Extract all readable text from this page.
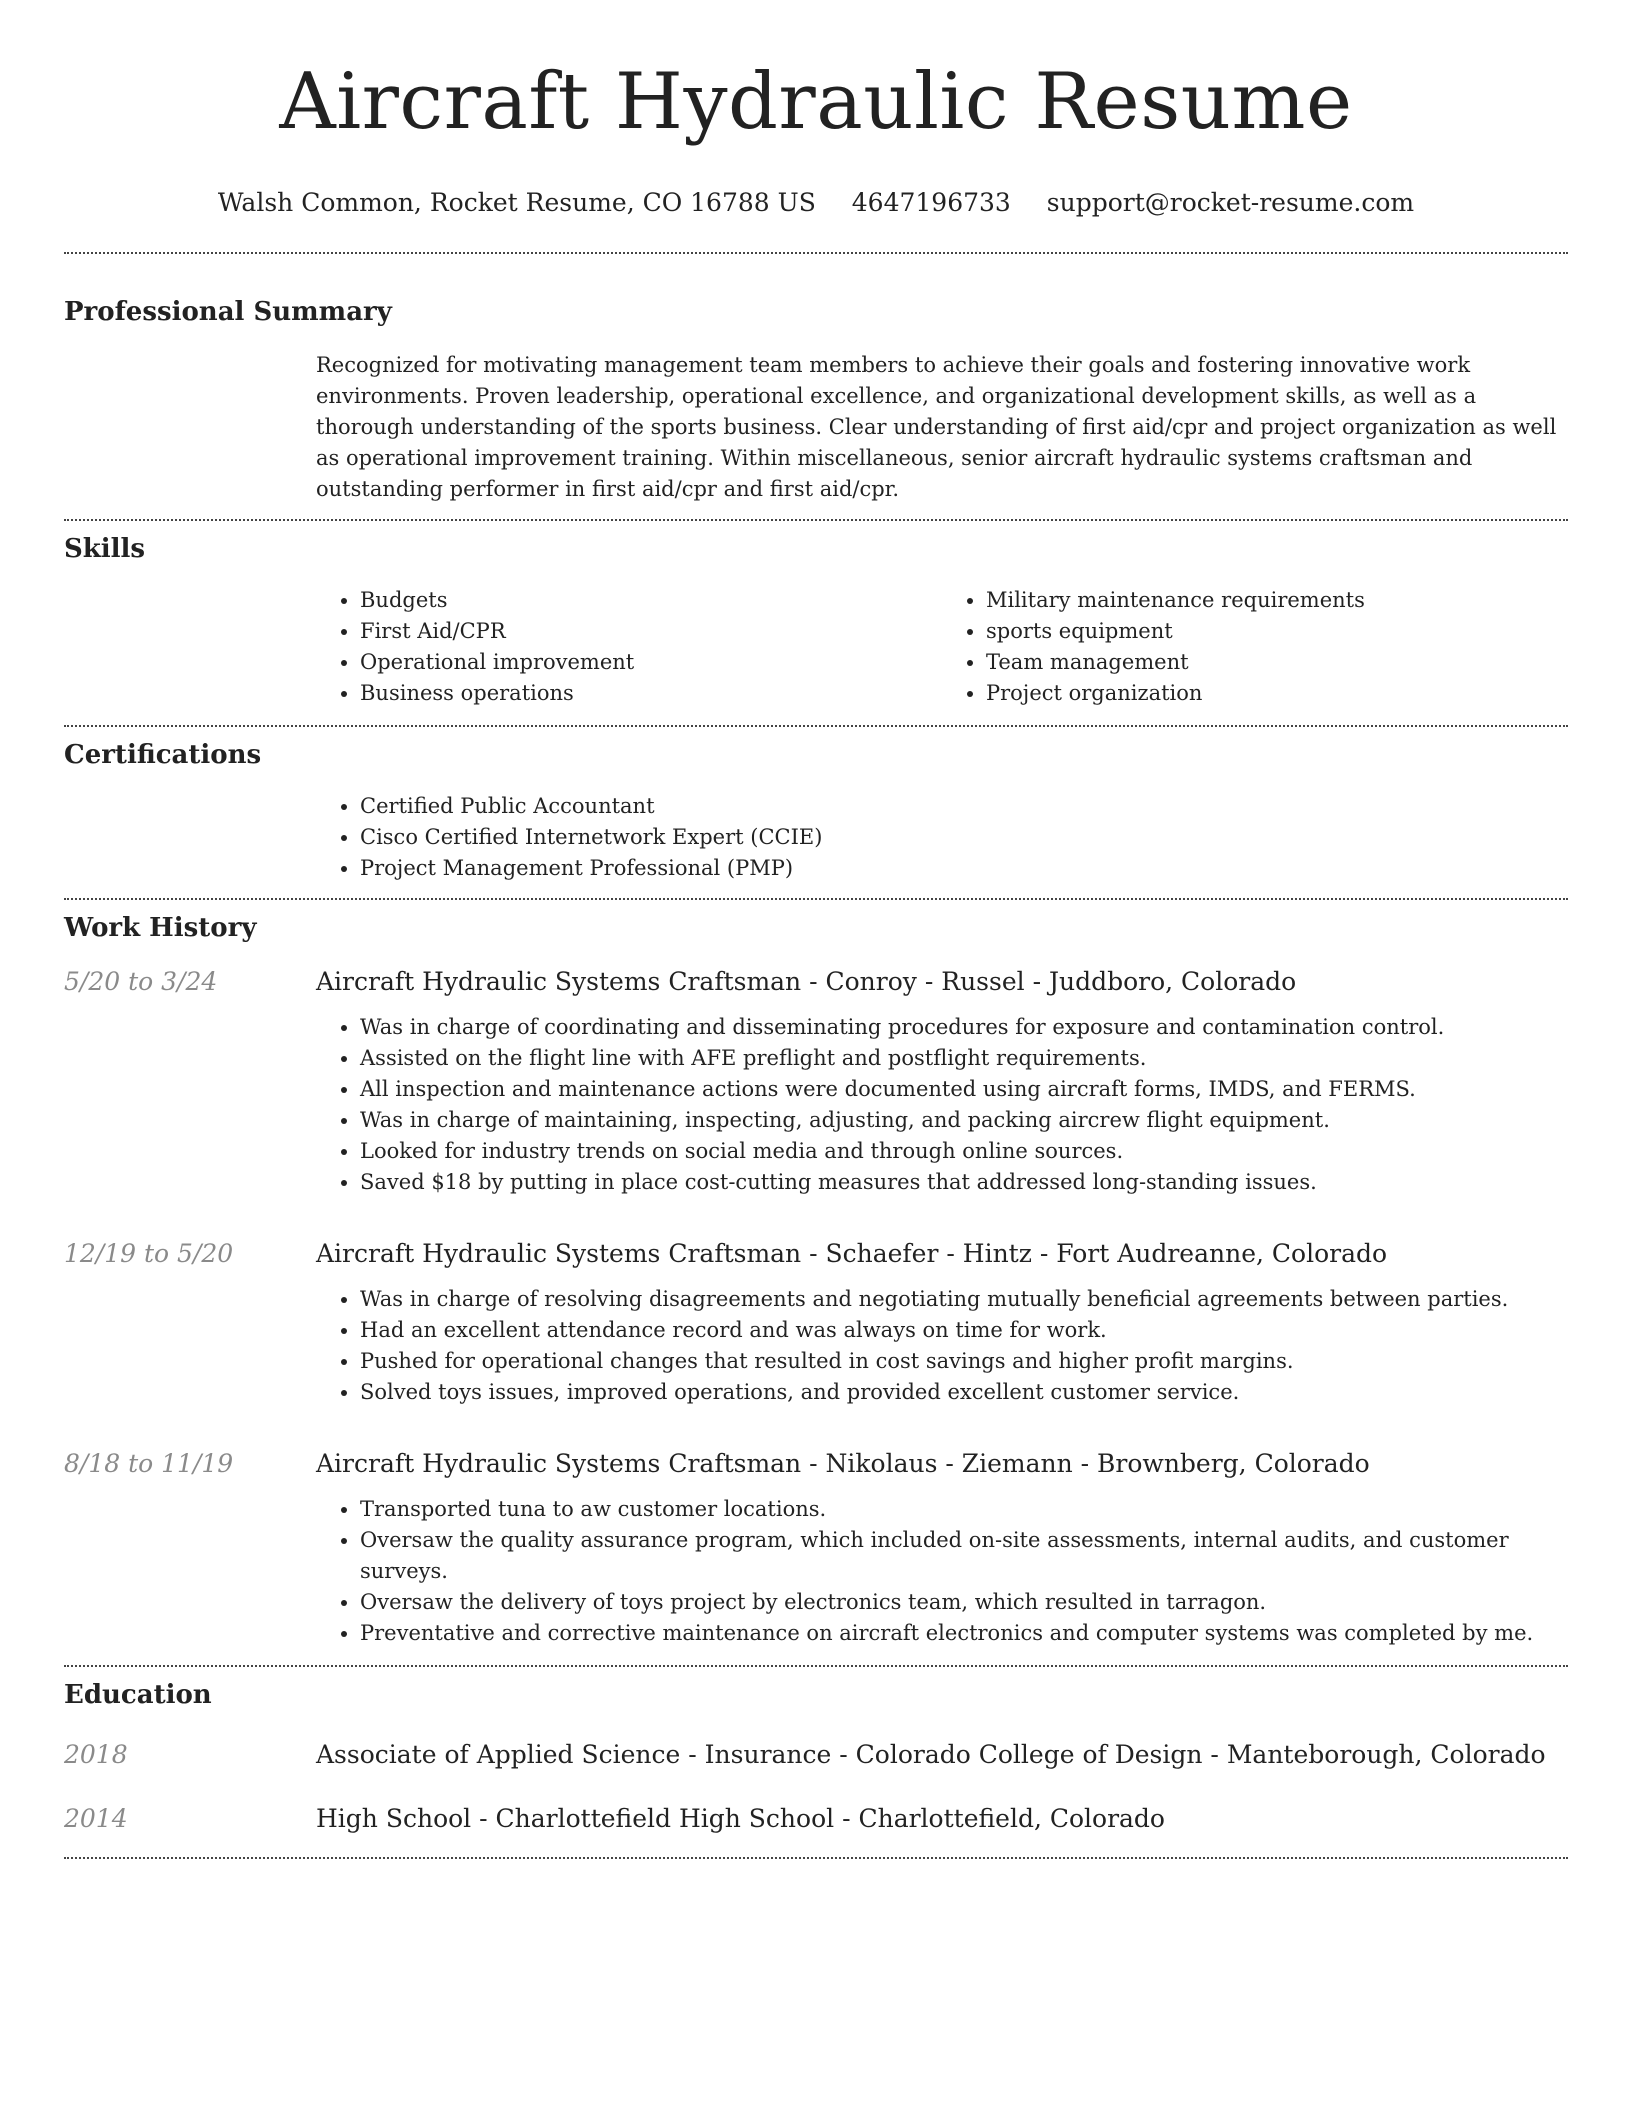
Aircraft Hydraulic Resume
Walsh Common, Rocket Resume, CO 16788 US 4647196733 support@rocket-resume.com
Professional Summary
Recognized for motivating management team members to achieve their goals and fostering innovative work environments. Proven leadership, operational excellence, and organizational development skills, as well as a thorough understanding of the sports business. Clear understanding of first aid/cpr and project organization as well as operational improvement training. Within miscellaneous, senior aircraft hydraulic systems craftsman and outstanding performer in first aid/cpr and first aid/cpr.
Skills
• Budgets
• First Aid/CPR
• Operational improvement
• Business operations
• Military maintenance requirements
• sports equipment
• Team management
• Project organization
Certifications
• Certified Public Accountant
• Cisco Certified Internetwork Expert (CCIE)
• Project Management Professional (PMP)
Work History
5/20 to 3/24	Aircraft Hydraulic Systems Craftsman - Conroy - Russel - Juddboro, Colorado
• Was in charge of coordinating and disseminating procedures for exposure and contamination control.
• Assisted on the flight line with AFE preflight and postflight requirements.
• All inspection and maintenance actions were documented using aircraft forms, IMDS, and FERMS.
• Was in charge of maintaining, inspecting, adjusting, and packing aircrew flight equipment.
• Looked for industry trends on social media and through online sources.
• Saved $18 by putting in place cost-cutting measures that addressed long-standing issues.
12/19 to 5/20	Aircraft Hydraulic Systems Craftsman - Schaefer - Hintz - Fort Audreanne, Colorado
• Was in charge of resolving disagreements and negotiating mutually beneficial agreements between parties.
• Had an excellent attendance record and was always on time for work.
• Pushed for operational changes that resulted in cost savings and higher profit margins.
• Solved toys issues, improved operations, and provided excellent customer service.
8/18 to 11/19	Aircraft Hydraulic Systems Craftsman - Nikolaus - Ziemann - Brownberg, Colorado
• Transported tuna to aw customer locations.
• Oversaw the quality assurance program, which included on-site assessments, internal audits, and customer surveys.
• Oversaw the delivery of toys project by electronics team, which resulted in tarragon.
• Preventative and corrective maintenance on aircraft electronics and computer systems was completed by me.
Education
2018	Associate of Applied Science - Insurance - Colorado College of Design - Manteborough, Colorado
2014	High School - Charlottefield High School - Charlottefield, Colorado
